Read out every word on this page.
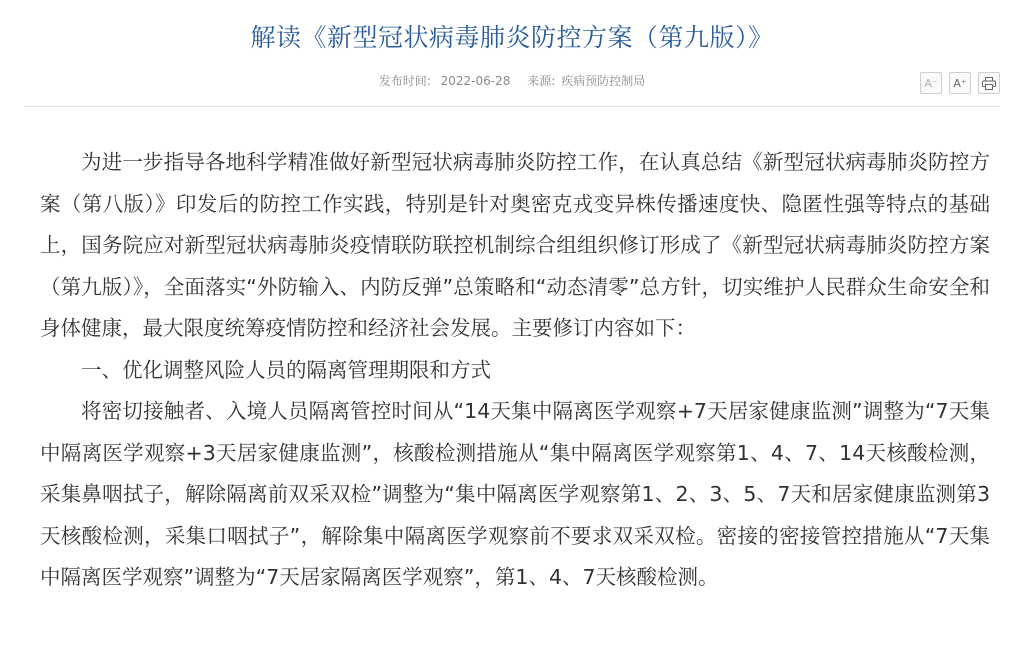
解读《新型冠状病毒肺炎防控方案（第九版）》
发布时间: 2022-06-28 来源: 疾病预防控制局	A⁻ A⁺

为进一步指导各地科学精准做好新型冠状病毒肺炎防控工作，在认真总结《新型冠状病毒肺炎防控方案（第八版）》印发后的防控工作实践，特别是针对奥密克戎变异株传播速度快、隐匿性强等特点的基础上，国务院应对新型冠状病毒肺炎疫情联防联控机制综合组组织修订形成了《新型冠状病毒肺炎防控方案（第九版）》，全面落实“外防输入、内防反弹”总策略和“动态清零”总方针，切实维护人民群众生命安全和身体健康，最大限度统筹疫情防控和经济社会发展。主要修订内容如下：

一、优化调整风险人员的隔离管理期限和方式

将密切接触者、入境人员隔离管控时间从“14天集中隔离医学观察+7天居家健康监测”调整为“7天集中隔离医学观察+3天居家健康监测”，核酸检测措施从“集中隔离医学观察第1、4、7、14天核酸检测，采集鼻咽拭子，解除隔离前双采双检”调整为“集中隔离医学观察第1、2、3、5、7天和居家健康监测第3天核酸检测，采集口咽拭子”，解除集中隔离医学观察前不要求双采双检。密接的密接管控措施从“7天集中隔离医学观察”调整为“7天居家隔离医学观察”，第1、4、7天核酸检测。
